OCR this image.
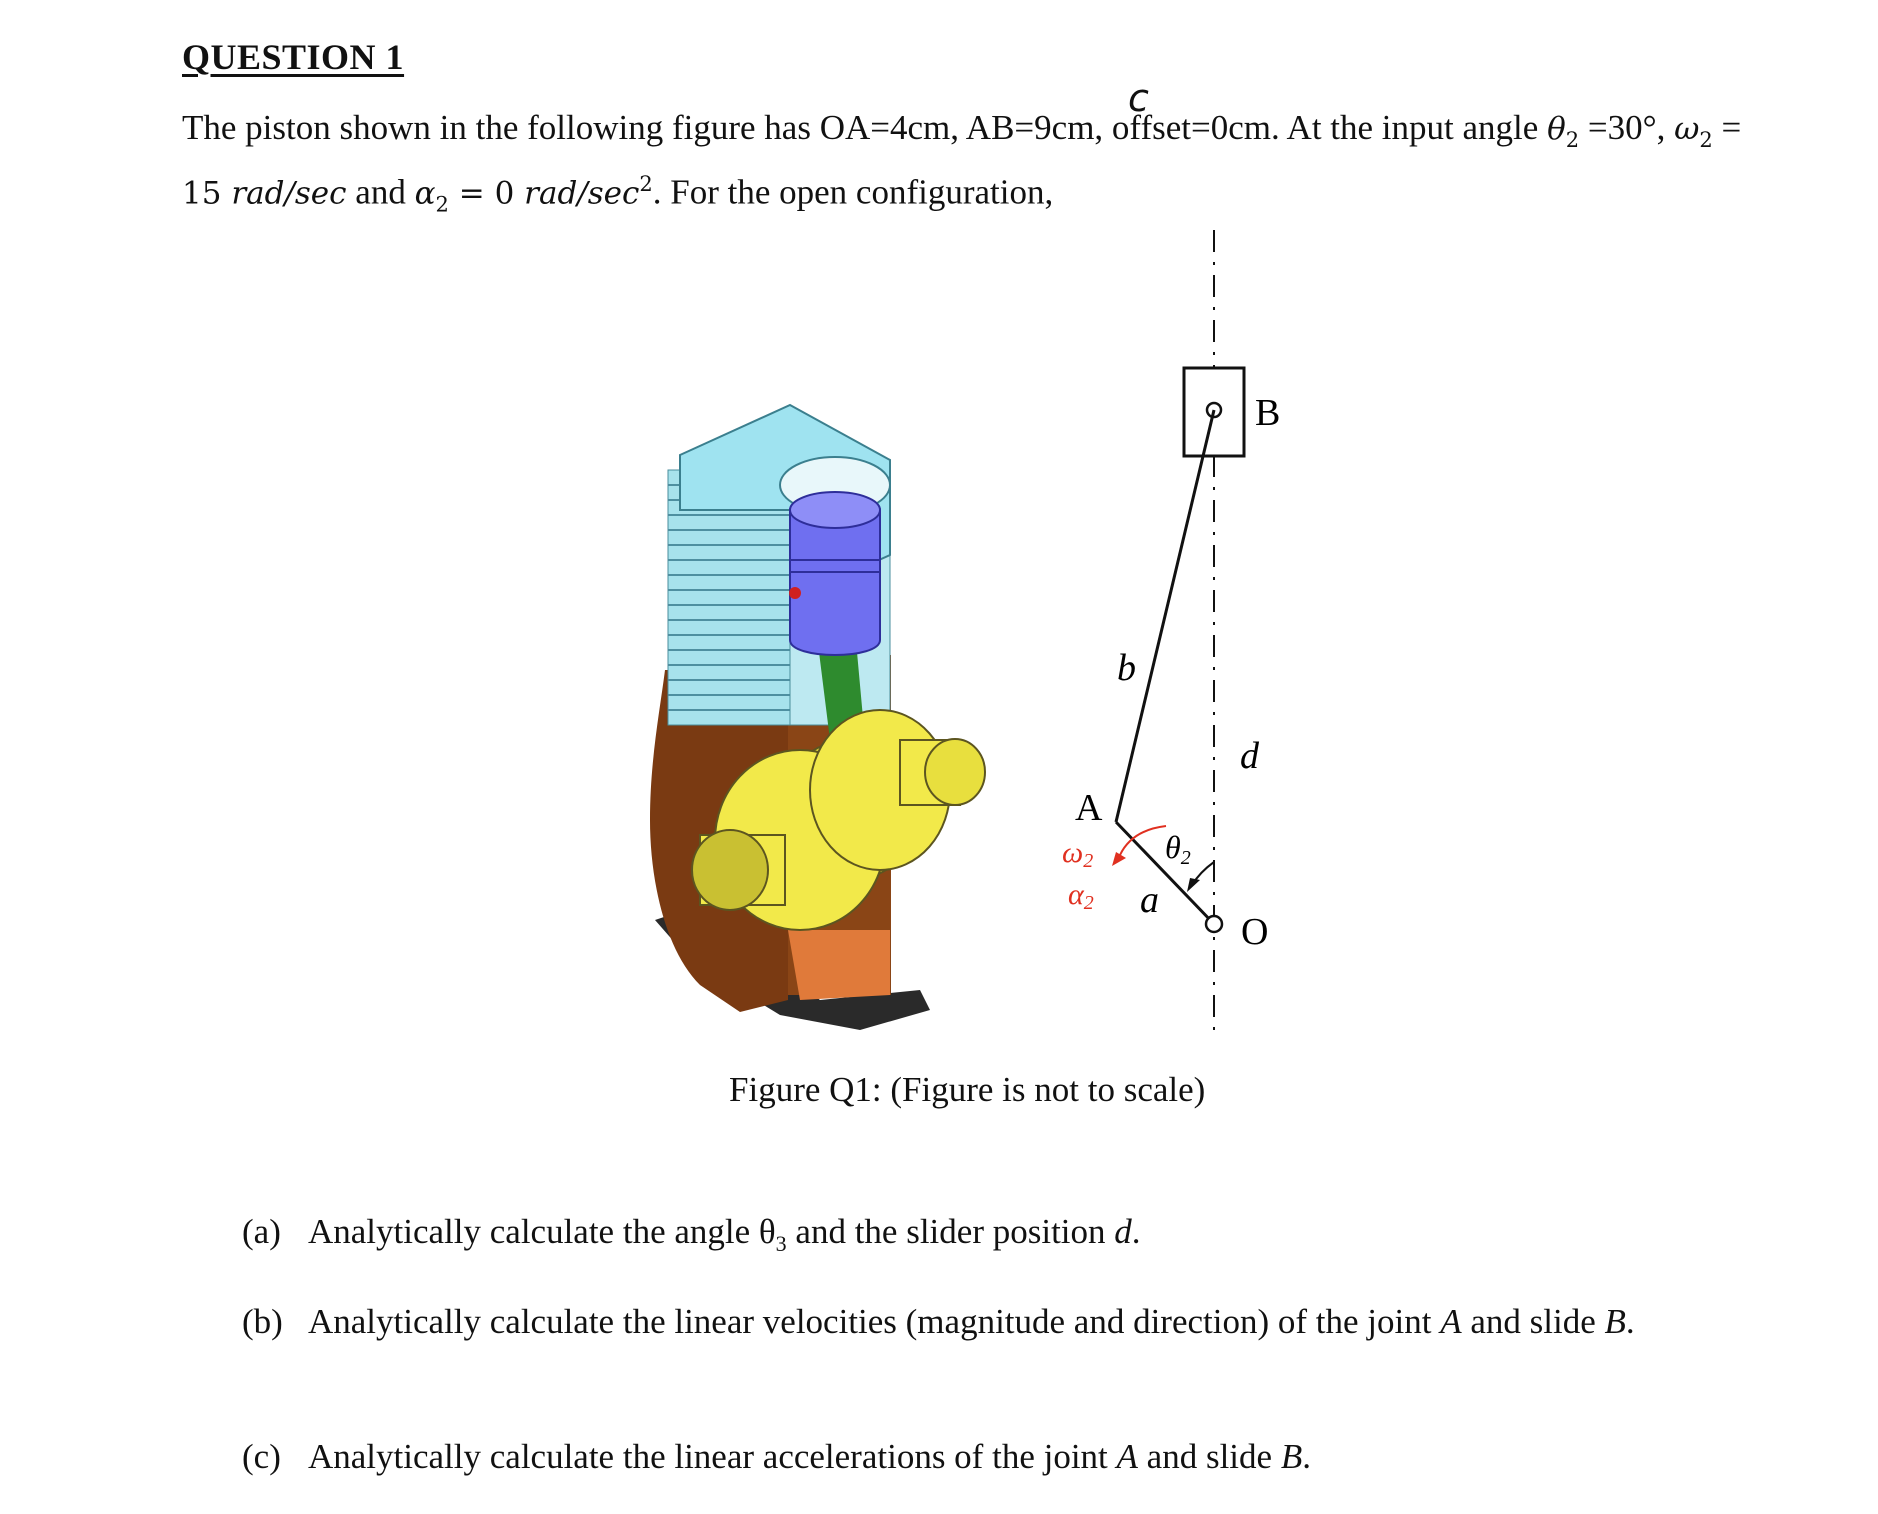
QUESTION 1
c
The piston shown in the following figure has OA=4cm, AB=9cm, offset=0cm. At the input angle $\theta_2 =30^\circ$, $\omega_2$ =
15 rad/sec and $\alpha_2 = 0$ rad/$\sec^2$. For the open configuration,
B
A
O
b
d
a
θ2
ω2
α2
Figure Q1: (Figure is not to scale)
(a) Analytically calculate the angle $\theta_3$ and the slider position d.
(b) Analytically calculate the linear velocities (magnitude and direction) of the joint A and slide B.
(c) Analytically calculate the linear accelerations of the joint A and slide B.
